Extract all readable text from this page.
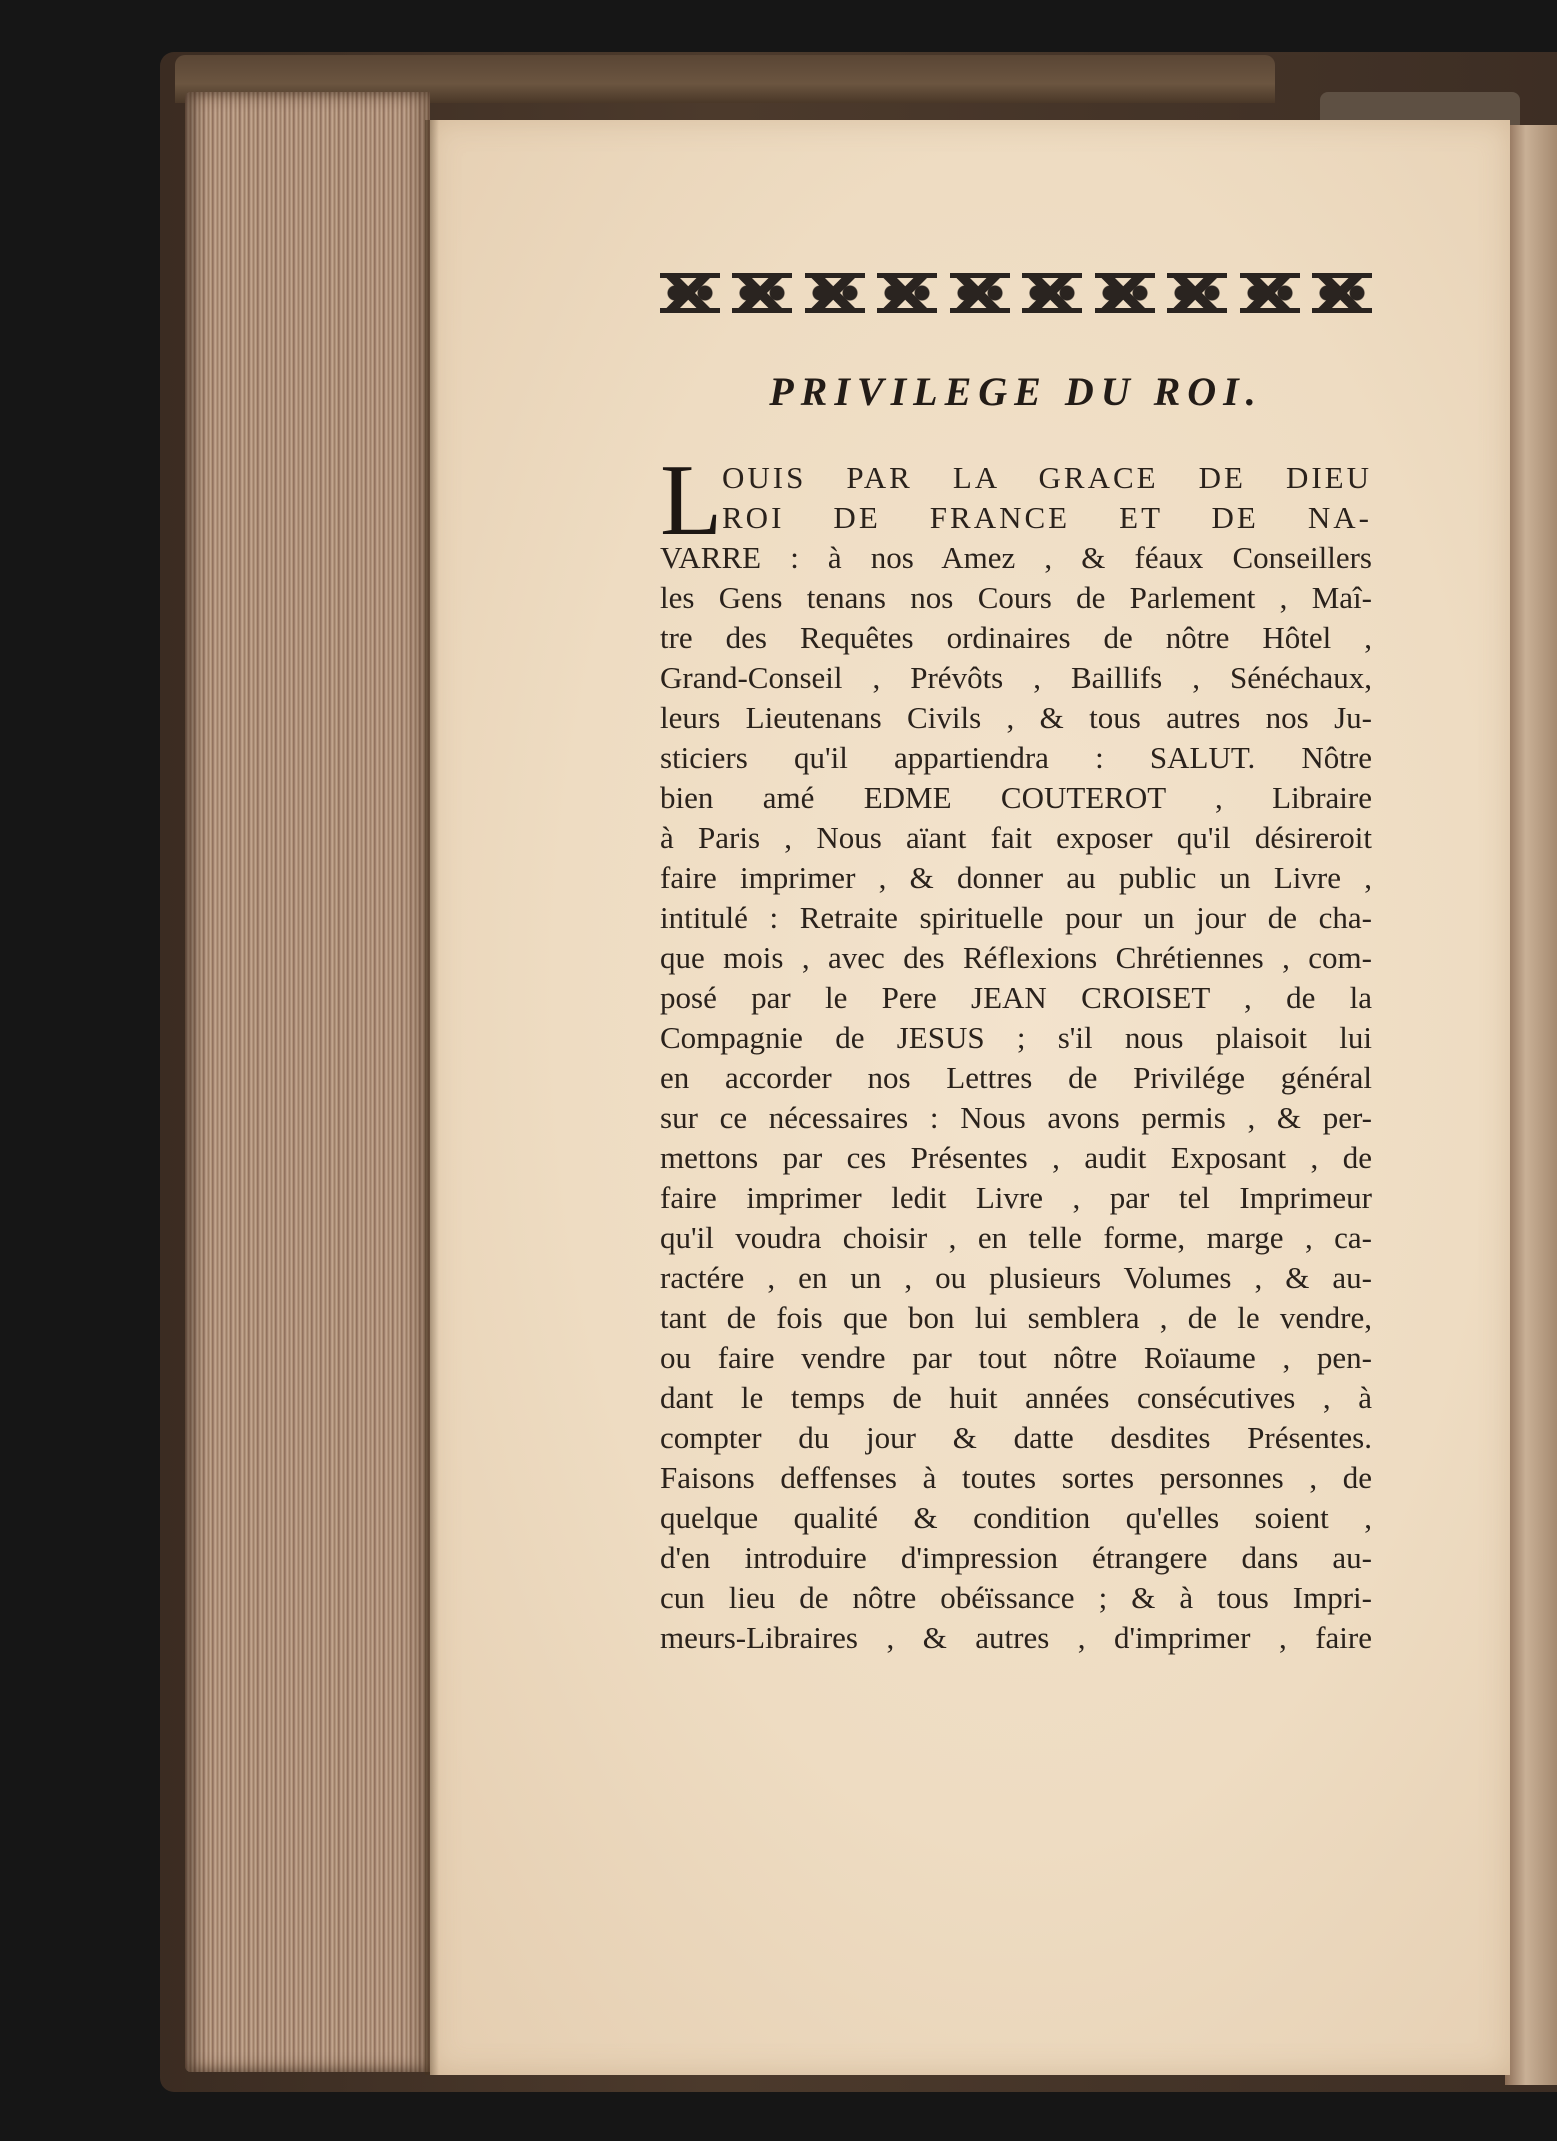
PRIVILEGE DU ROI.
L OUIS PAR LA GRACE DE DIEU
ROI DE FRANCE ET DE NA-
VARRE : à nos Amez , & féaux Conseillers
les Gens tenans nos Cours de Parlement , Maî-
tre des Requêtes ordinaires de nôtre Hôtel ,
Grand-Conseil , Prévôts , Baillifs , Sénéchaux,
leurs Lieutenans Civils , & tous autres nos Ju-
sticiers qu'il appartiendra : SALUT. Nôtre
bien amé EDME COUTEROT , Libraire
à Paris , Nous aïant fait exposer qu'il désireroit
faire imprimer , & donner au public un Livre ,
intitulé : Retraite spirituelle pour un jour de cha-
que mois , avec des Réflexions Chrétiennes , com-
posé par le Pere JEAN CROISET , de la
Compagnie de JESUS ; s'il nous plaisoit lui
en accorder nos Lettres de Privilége général
sur ce nécessaires : Nous avons permis , & per-
mettons par ces Présentes , audit Exposant , de
faire imprimer ledit Livre , par tel Imprimeur
qu'il voudra choisir , en telle forme, marge , ca-
ractére , en un , ou plusieurs Volumes , & au-
tant de fois que bon lui semblera , de le vendre,
ou faire vendre par tout nôtre Roïaume , pen-
dant le temps de huit années consécutives , à
compter du jour & datte desdites Présentes.
Faisons deffenses à toutes sortes personnes , de
quelque qualité & condition qu'elles soient ,
d'en introduire d'impression étrangere dans au-
cun lieu de nôtre obéïssance ; & à tous Impri-
meurs-Libraires , & autres , d'imprimer , faire
